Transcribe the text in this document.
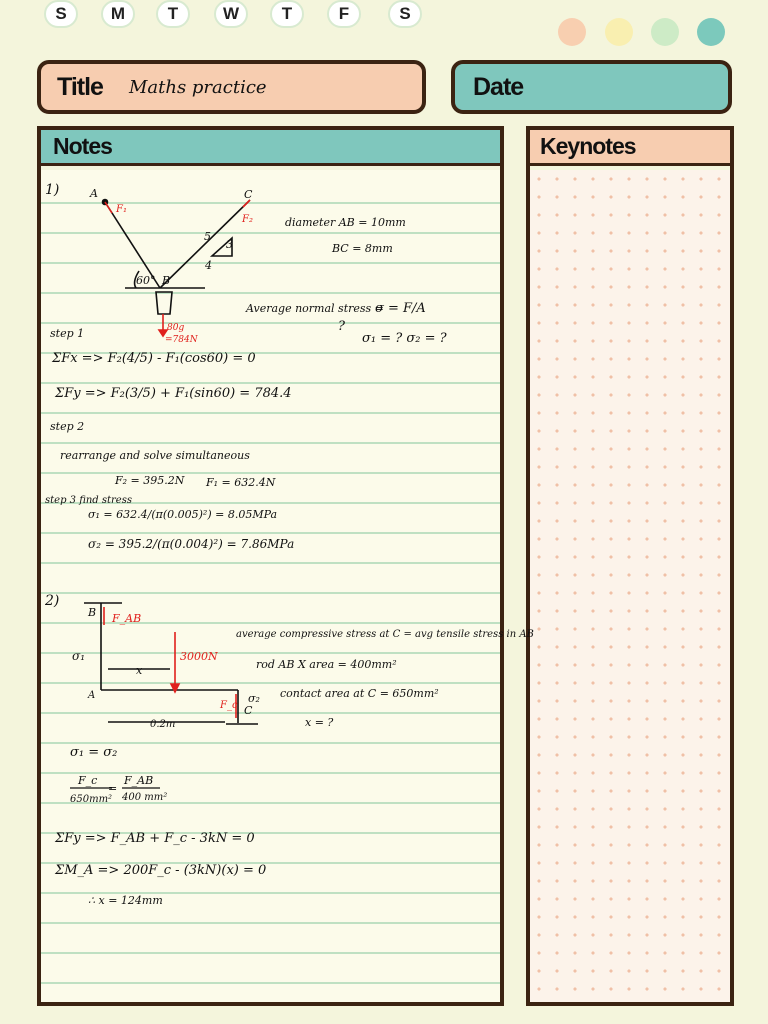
S	M	T	W	T	F	S
Title Maths practice	Date
Notes	Keynotes
A	C
B
F₁
F₂
60°
5
3
4
80g
=784N
diameter AB = 10mm
BC = 8mm
Average normal stress =
σ = F/A
?
σ₁ = ? σ₂ = ?
step 1
ΣFx => F₂(4/5) - F₁(cos60) = 0
ΣFy => F₂(3/5) + F₁(sin60) = 784.4
step 2
rearrange and solve simultaneous
F₂ = 395.2N F₁ = 632.4N
step 3 find stress
σ₁ = 632.4/(π(0.005)²) = 8.05MPa
σ₂ = 395.2/(π(0.004)²) = 7.86MPa
1)
2)
B F_AB
σ₁
x
3000N
A	σ₂
C
F_c
0.2m
average compressive stress at C = avg tensile stress in AB
rod AB X area = 400mm²
contact area at C = 650mm²
x = ?
σ₁ = σ₂
F_c
650mm²
=
F_AB
400 mm²
ΣFy => F_AB + F_c - 3kN = 0
ΣM_A => 200F_c - (3kN)(x) = 0
∴ x = 124mm
